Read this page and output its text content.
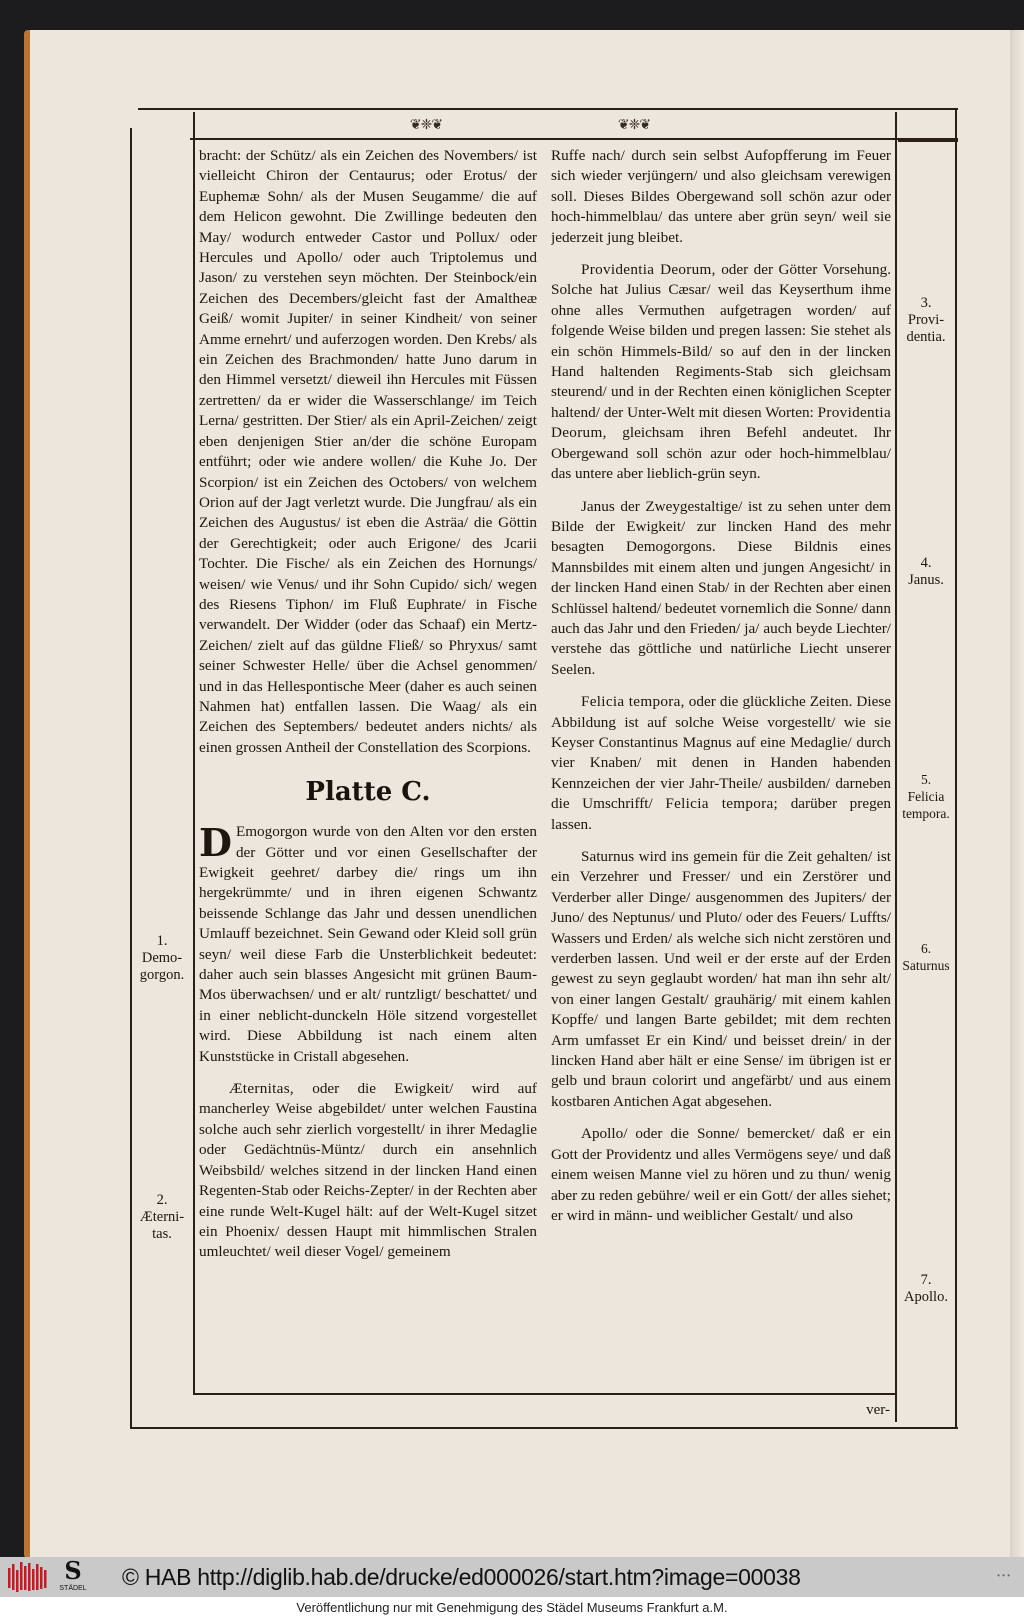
❦❈❦	❦❈❦

bracht: der Schütz/ als ein Zeichen des Novembers/ ist vielleicht Chiron der Centaurus; oder Erotus/ der Euphemæ Sohn/ als der Musen Seugamme/ die auf dem Helicon gewohnt. Die Zwillinge bedeuten den May/ wodurch entweder Castor und Pollux/ oder Hercules und Apollo/ oder auch Triptolemus und Jason/ zu verstehen seyn möchten. Der Steinbock/ein Zeichen des Decembers/gleicht fast der Amaltheæ Geiß/ womit Jupiter/ in seiner Kindheit/ von seiner Amme ernehrt/ und auferzogen worden. Den Krebs/ als ein Zeichen des Brachmonden/ hatte Juno darum in den Himmel versetzt/ dieweil ihn Hercules mit Füssen zertretten/ da er wider die Wasserschlange/ im Teich Lerna/ gestritten. Der Stier/ als ein April-Zeichen/ zeigt eben denjenigen Stier an/der die schöne Europam entführt; oder wie andere wollen/ die Kuhe Jo. Der Scorpion/ ist ein Zeichen des Octobers/ von welchem Orion auf der Jagt verletzt wurde. Die Jungfrau/ als ein Zeichen des Augustus/ ist eben die Asträa/ die Göttin der Gerechtigkeit; oder auch Erigone/ des Jcarii Tochter. Die Fische/ als ein Zeichen des Hornungs/ weisen/ wie Venus/ und ihr Sohn Cupido/ sich/ wegen des Riesens Tiphon/ im Fluß Euphrate/ in Fische verwandelt. Der Widder (oder das Schaaf) ein Mertz-Zeichen/ zielt auf das güldne Fließ/ so Phryxus/ samt seiner Schwester Helle/ über die Achsel genommen/ und in das Hellespontische Meer (daher es auch seinen Nahmen hat) entfallen lassen. Die Waag/ als ein Zeichen des Septembers/ bedeutet anders nichts/ als einen grossen Antheil der Constellation des Scorpions.

Platte C.

D Emogorgon wurde von den Alten vor den ersten der Götter und vor einen Gesellschafter der Ewigkeit geehret/ darbey die/ rings um ihn hergekrümmte/ und in ihren eigenen Schwantz beissende Schlange das Jahr und dessen unendlichen Umlauff bezeichnet. Sein Gewand oder Kleid soll grün seyn/ weil diese Farb die Unsterblichkeit bedeutet: daher auch sein blasses Angesicht mit grünen Baum-Mos überwachsen/ und er alt/ runtzligt/ beschattet/ und in einer neblicht-dunckeln Höle sitzend vorgestellet wird. Diese Abbildung ist nach einem alten Kunststücke in Cristall abgesehen.

Æternitas, oder die Ewigkeit/ wird auf mancherley Weise abgebildet/ unter welchen Faustina solche auch sehr zierlich vorgestellt/ in ihrer Medaglie oder Gedächtnüs-Müntz/ durch ein ansehnlich Weibsbild/ welches sitzend in der lincken Hand einen Regenten-Stab oder Reichs-Zepter/ in der Rechten aber eine runde Welt-Kugel hält: auf der Welt-Kugel sitzet ein Phoenix/ dessen Haupt mit himmlischen Stralen umleuchtet/ weil dieser Vogel/ gemeinem

Ruffe nach/ durch sein selbst Aufopfferung im Feuer sich wieder verjüngern/ und also gleichsam verewigen soll. Dieses Bildes Obergewand soll schön azur oder hoch-himmelblau/ das untere aber grün seyn/ weil sie jederzeit jung bleibet.

Providentia Deorum, oder der Götter Vorsehung. Solche hat Julius Cæsar/ weil das Keyserthum ihme ohne alles Vermuthen aufgetragen worden/ auf folgende Weise bilden und pregen lassen: Sie stehet als ein schön Himmels-Bild/ so auf den in der lincken Hand haltenden Regiments-Stab sich gleichsam steurend/ und in der Rechten einen königlichen Scepter haltend/ der Unter-Welt mit diesen Worten: Providentia Deorum, gleichsam ihren Befehl andeutet. Ihr Obergewand soll schön azur oder hoch-himmelblau/ das untere aber lieblich-grün seyn.

Janus der Zweygestaltige/ ist zu sehen unter dem Bilde der Ewigkeit/ zur lincken Hand des mehr besagten Demogorgons. Diese Bildnis eines Mannsbildes mit einem alten und jungen Angesicht/ in der lincken Hand einen Stab/ in der Rechten aber einen Schlüssel haltend/ bedeutet vornemlich die Sonne/ dann auch das Jahr und den Frieden/ ja/ auch beyde Liechter/ verstehe das göttliche und natürliche Liecht unserer Seelen.

Felicia tempora, oder die glückliche Zeiten. Diese Abbildung ist auf solche Weise vorgestellt/ wie sie Keyser Constantinus Magnus auf eine Medaglie/ durch vier Knaben/ mit denen in Handen habenden Kennzeichen der vier Jahr-Theile/ ausbilden/ darneben die Umschrifft/ Felicia tempora; darüber pregen lassen.

Saturnus wird ins gemein für die Zeit gehalten/ ist ein Verzehrer und Fresser/ und ein Zerstörer und Verderber aller Dinge/ ausgenommen des Jupiters/ der Juno/ des Neptunus/ und Pluto/ oder des Feuers/ Luffts/ Wassers und Erden/ als welche sich nicht zerstören und verderben lassen. Und weil er der erste auf der Erden gewest zu seyn geglaubt worden/ hat man ihn sehr alt/ von einer langen Gestalt/ grauhärig/ mit einem kahlen Kopffe/ und langen Barte gebildet; mit dem rechten Arm umfasset Er ein Kind/ und beisset drein/ in der lincken Hand aber hält er eine Sense/ im übrigen ist er gelb und braun colorirt und angefärbt/ und aus einem kostbaren Antichen Agat abgesehen.

Apollo/ oder die Sonne/ bemercket/ daß er ein Gott der Providentz und alles Vermögens seye/ und daß einem weisen Manne viel zu hören und zu thun/ wenig aber zu reden gebühre/ weil er ein Gott/ der alles siehet; er wird in männ- und weiblicher Gestalt/ und also

ver-
1.
Demo-
gorgon.
2.
Æterni-
tas.
3.
Provi-
dentia.
4.
Janus.
5.
Felicia
tempora.
6.
Saturnus
7.
Apollo.
S
STÄDEL © HAB http://diglib.hab.de/drucke/ed000026/start.htm?image=00038	• • •
Veröffentlichung nur mit Genehmigung des Städel Museums Frankfurt a.M.
